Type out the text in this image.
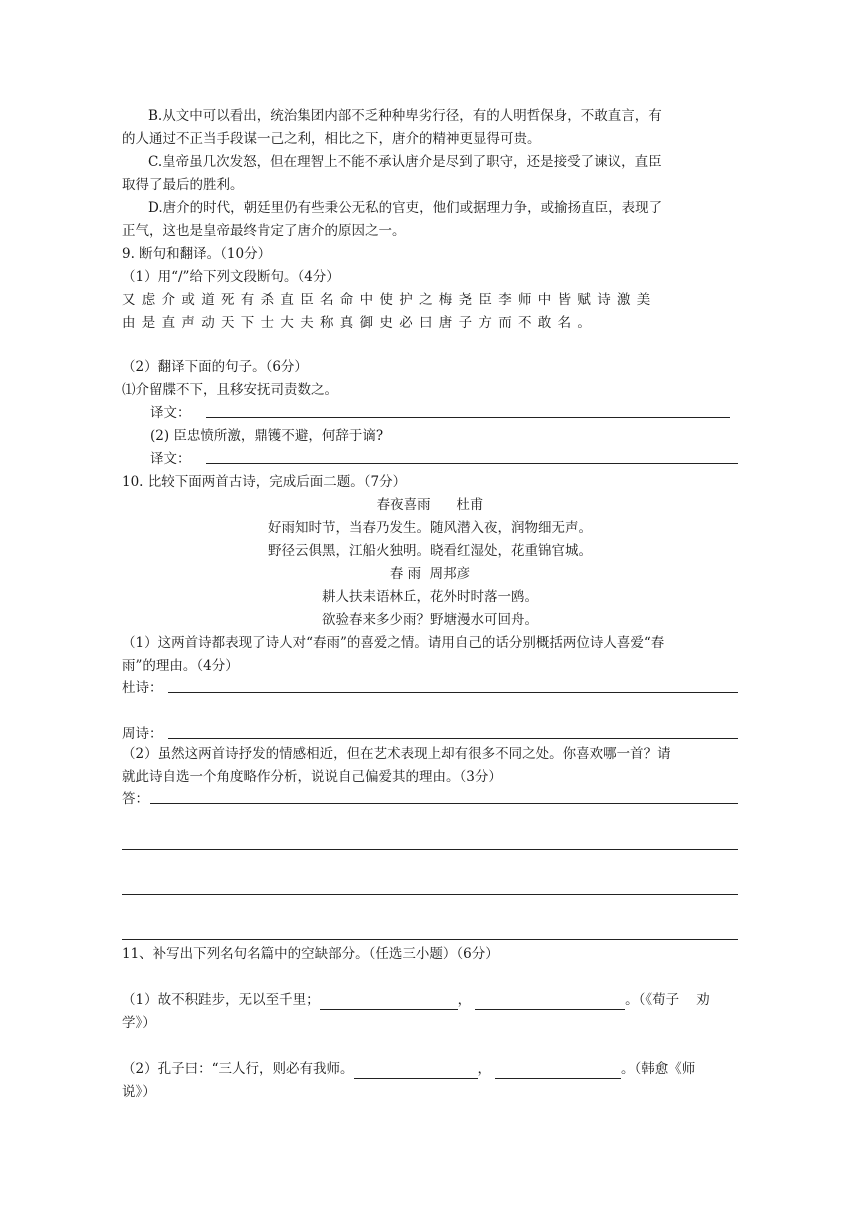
B.从文中可以看出，统治集团内部不乏种种卑劣行径，有的人明哲保身，不敢直言，有
的人通过不正当手段谋一己之利，相比之下，唐介的精神更显得可贵。
C.皇帝虽几次发怒，但在理智上不能不承认唐介是尽到了职守，还是接受了谏议，直臣
取得了最后的胜利。
D.唐介的时代，朝廷里仍有些秉公无私的官吏，他们或据理力争，或揄扬直臣，表现了
正气，这也是皇帝最终肯定了唐介的原因之一。
9. 断句和翻译。（10分）
（1）用“/”给下列文段断句。（4分）
又虑介或道死有杀直臣名命中使护之梅尧臣李师中皆赋诗激美
由是直声动天下士大夫称真御史必曰唐子方而不敢名。
（2）翻译下面的句子。（6分）
⑴介留牒不下，且移安抚司责数之。
译文：
(2) 臣忠愤所激，鼎镬不避，何辞于谪?
译文：
10. 比较下面两首古诗，完成后面二题。（7分）
春夜喜雨      杜甫
好雨知时节，当春乃发生。随风潜入夜，润物细无声。
野径云俱黑，江船火独明。晓看红湿处，花重锦官城。
春 雨  周邦彦
耕人扶耒语林丘，花外时时落一鸥。
欲验春来多少雨？野塘漫水可回舟。
（1）这两首诗都表现了诗人对“春雨”的喜爱之情。请用自己的话分别概括两位诗人喜爱“春
雨”的理由。（4分）
杜诗：
周诗：
（2）虽然这两首诗抒发的情感相近，但在艺术表现上却有很多不同之处。你喜欢哪一首？请
就此诗自选一个角度略作分析，说说自己偏爱其的理由。（3分）
答：
11、补写出下列名句名篇中的空缺部分。（任选三小题）（6分）
（1）故不积跬步，无以至千里；	，	。（《荀子    劝
学》）
（2）孔子曰：“三人行，则必有我师。	，	。（韩愈《师
说》）
